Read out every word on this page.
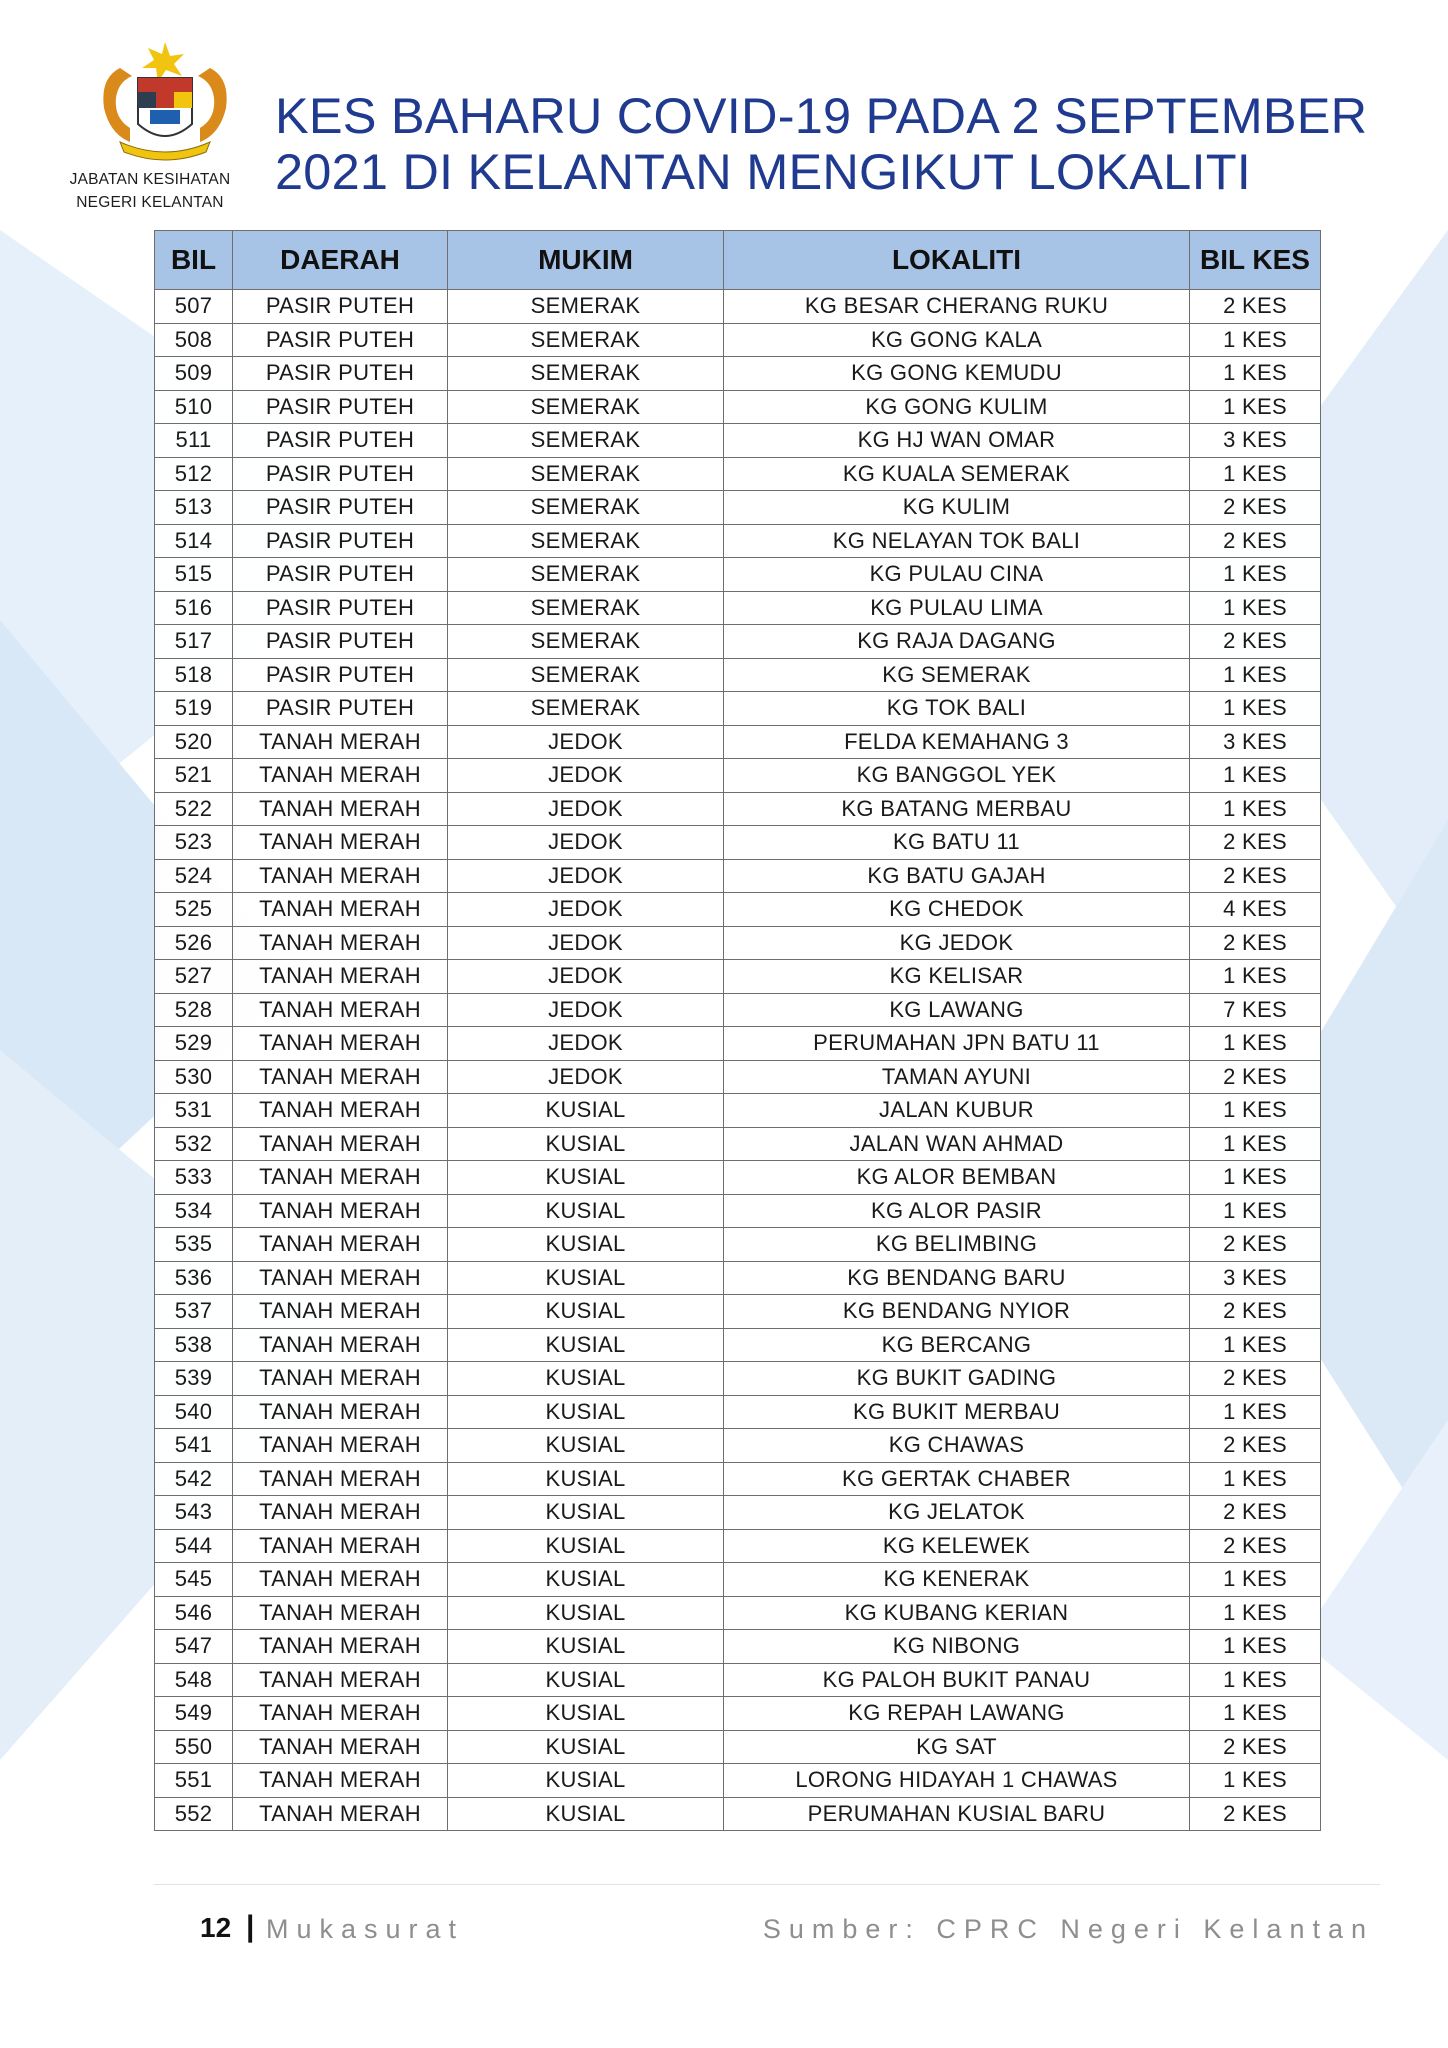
JABATAN KESIHATAN
NEGERI KELANTAN
KES BAHARU COVID-19 PADA 2 SEPTEMBER
2021 DI KELANTAN MENGIKUT LOKALITI
BIL	DAERAH	MUKIM	LOKALITI	BIL KES
507	PASIR PUTEH	SEMERAK	KG BESAR CHERANG RUKU	2 KES
508	PASIR PUTEH	SEMERAK	KG GONG KALA	1 KES
509	PASIR PUTEH	SEMERAK	KG GONG KEMUDU	1 KES
510	PASIR PUTEH	SEMERAK	KG GONG KULIM	1 KES
511	PASIR PUTEH	SEMERAK	KG HJ WAN OMAR	3 KES
512	PASIR PUTEH	SEMERAK	KG KUALA SEMERAK	1 KES
513	PASIR PUTEH	SEMERAK	KG KULIM	2 KES
514	PASIR PUTEH	SEMERAK	KG NELAYAN TOK BALI	2 KES
515	PASIR PUTEH	SEMERAK	KG PULAU CINA	1 KES
516	PASIR PUTEH	SEMERAK	KG PULAU LIMA	1 KES
517	PASIR PUTEH	SEMERAK	KG RAJA DAGANG	2 KES
518	PASIR PUTEH	SEMERAK	KG SEMERAK	1 KES
519	PASIR PUTEH	SEMERAK	KG TOK BALI	1 KES
520	TANAH MERAH	JEDOK	FELDA KEMAHANG 3	3 KES
521	TANAH MERAH	JEDOK	KG BANGGOL YEK	1 KES
522	TANAH MERAH	JEDOK	KG BATANG MERBAU	1 KES
523	TANAH MERAH	JEDOK	KG BATU 11	2 KES
524	TANAH MERAH	JEDOK	KG BATU GAJAH	2 KES
525	TANAH MERAH	JEDOK	KG CHEDOK	4 KES
526	TANAH MERAH	JEDOK	KG JEDOK	2 KES
527	TANAH MERAH	JEDOK	KG KELISAR	1 KES
528	TANAH MERAH	JEDOK	KG LAWANG	7 KES
529	TANAH MERAH	JEDOK	PERUMAHAN JPN BATU 11	1 KES
530	TANAH MERAH	JEDOK	TAMAN AYUNI	2 KES
531	TANAH MERAH	KUSIAL	JALAN KUBUR	1 KES
532	TANAH MERAH	KUSIAL	JALAN WAN AHMAD	1 KES
533	TANAH MERAH	KUSIAL	KG ALOR BEMBAN	1 KES
534	TANAH MERAH	KUSIAL	KG ALOR PASIR	1 KES
535	TANAH MERAH	KUSIAL	KG BELIMBING	2 KES
536	TANAH MERAH	KUSIAL	KG BENDANG BARU	3 KES
537	TANAH MERAH	KUSIAL	KG BENDANG NYIOR	2 KES
538	TANAH MERAH	KUSIAL	KG BERCANG	1 KES
539	TANAH MERAH	KUSIAL	KG BUKIT GADING	2 KES
540	TANAH MERAH	KUSIAL	KG BUKIT MERBAU	1 KES
541	TANAH MERAH	KUSIAL	KG CHAWAS	2 KES
542	TANAH MERAH	KUSIAL	KG GERTAK CHABER	1 KES
543	TANAH MERAH	KUSIAL	KG JELATOK	2 KES
544	TANAH MERAH	KUSIAL	KG KELEWEK	2 KES
545	TANAH MERAH	KUSIAL	KG KENERAK	1 KES
546	TANAH MERAH	KUSIAL	KG KUBANG KERIAN	1 KES
547	TANAH MERAH	KUSIAL	KG NIBONG	1 KES
548	TANAH MERAH	KUSIAL	KG PALOH BUKIT PANAU	1 KES
549	TANAH MERAH	KUSIAL	KG REPAH LAWANG	1 KES
550	TANAH MERAH	KUSIAL	KG SAT	2 KES
551	TANAH MERAH	KUSIAL	LORONG HIDAYAH 1 CHAWAS	1 KES
552	TANAH MERAH	KUSIAL	PERUMAHAN KUSIAL BARU	2 KES
12 | Mukasurat	Sumber: CPRC Negeri Kelantan
